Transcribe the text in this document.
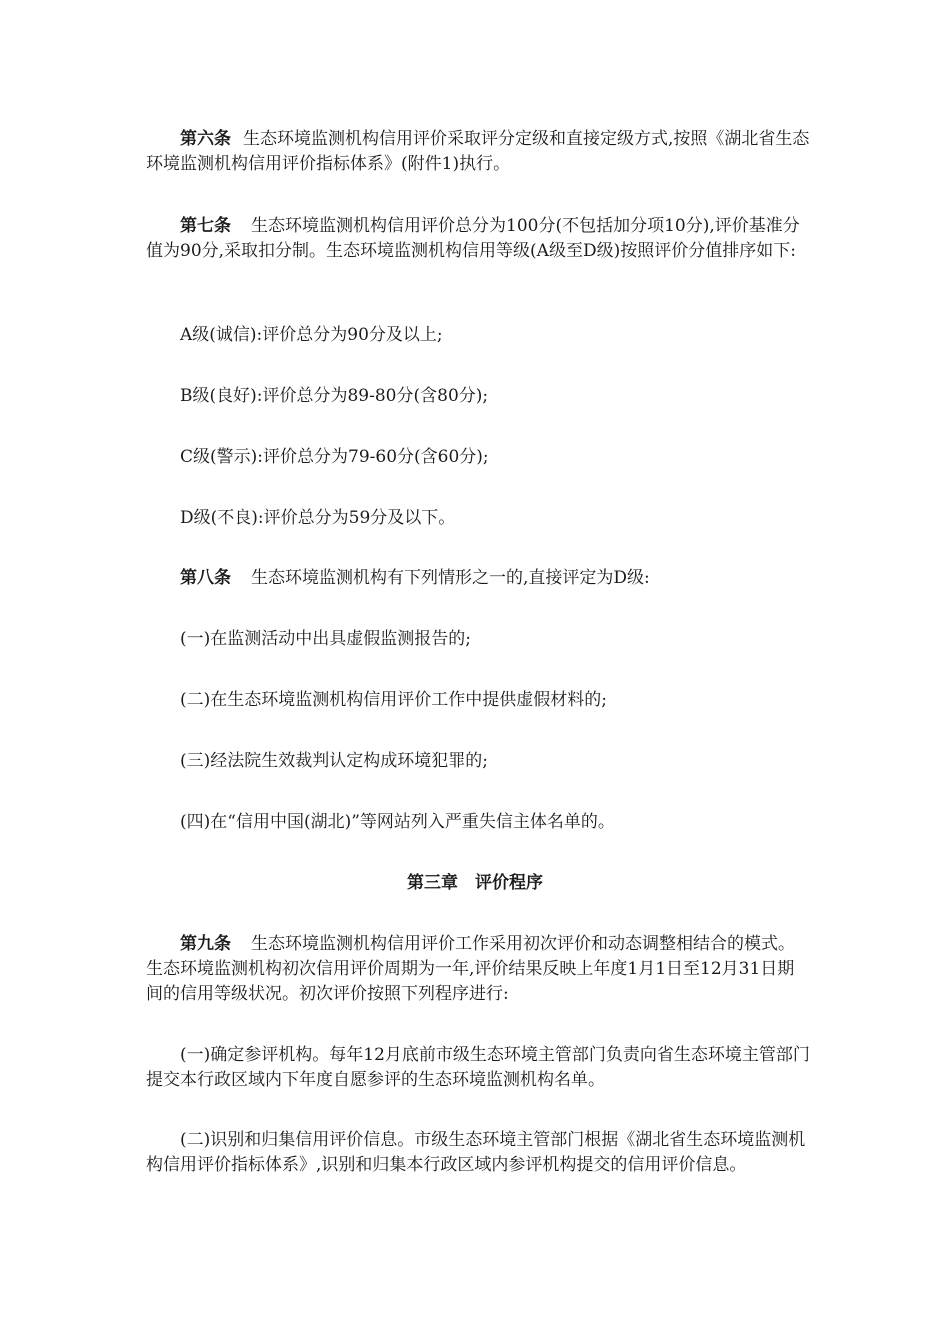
第六条 生态环境监测机构信用评价采取评分定级和直接定级方式,按照《湖北省生态环境监测机构信用评价指标体系》(附件1)执行。

第七条 生态环境监测机构信用评价总分为100分(不包括加分项10分),评价基准分值为90分,采取扣分制。生态环境监测机构信用等级(A级至D级)按照评价分值排序如下:

A级(诚信):评价总分为90分及以上;

B级(良好):评价总分为89-80分(含80分);

C级(警示):评价总分为79-60分(含60分);

D级(不良):评价总分为59分及以下。

第八条 生态环境监测机构有下列情形之一的,直接评定为D级:

(一)在监测活动中出具虚假监测报告的;

(二)在生态环境监测机构信用评价工作中提供虚假材料的;

(三)经法院生效裁判认定构成环境犯罪的;

(四)在“信用中国(湖北)”等网站列入严重失信主体名单的。

第三章　评价程序

第九条 生态环境监测机构信用评价工作采用初次评价和动态调整相结合的模式。生态环境监测机构初次信用评价周期为一年,评价结果反映上年度1月1日至12月31日期间的信用等级状况。初次评价按照下列程序进行:

(一)确定参评机构。每年12月底前市级生态环境主管部门负责向省生态环境主管部门提交本行政区域内下年度自愿参评的生态环境监测机构名单。

(二)识别和归集信用评价信息。市级生态环境主管部门根据《湖北省生态环境监测机构信用评价指标体系》,识别和归集本行政区域内参评机构提交的信用评价信息。
